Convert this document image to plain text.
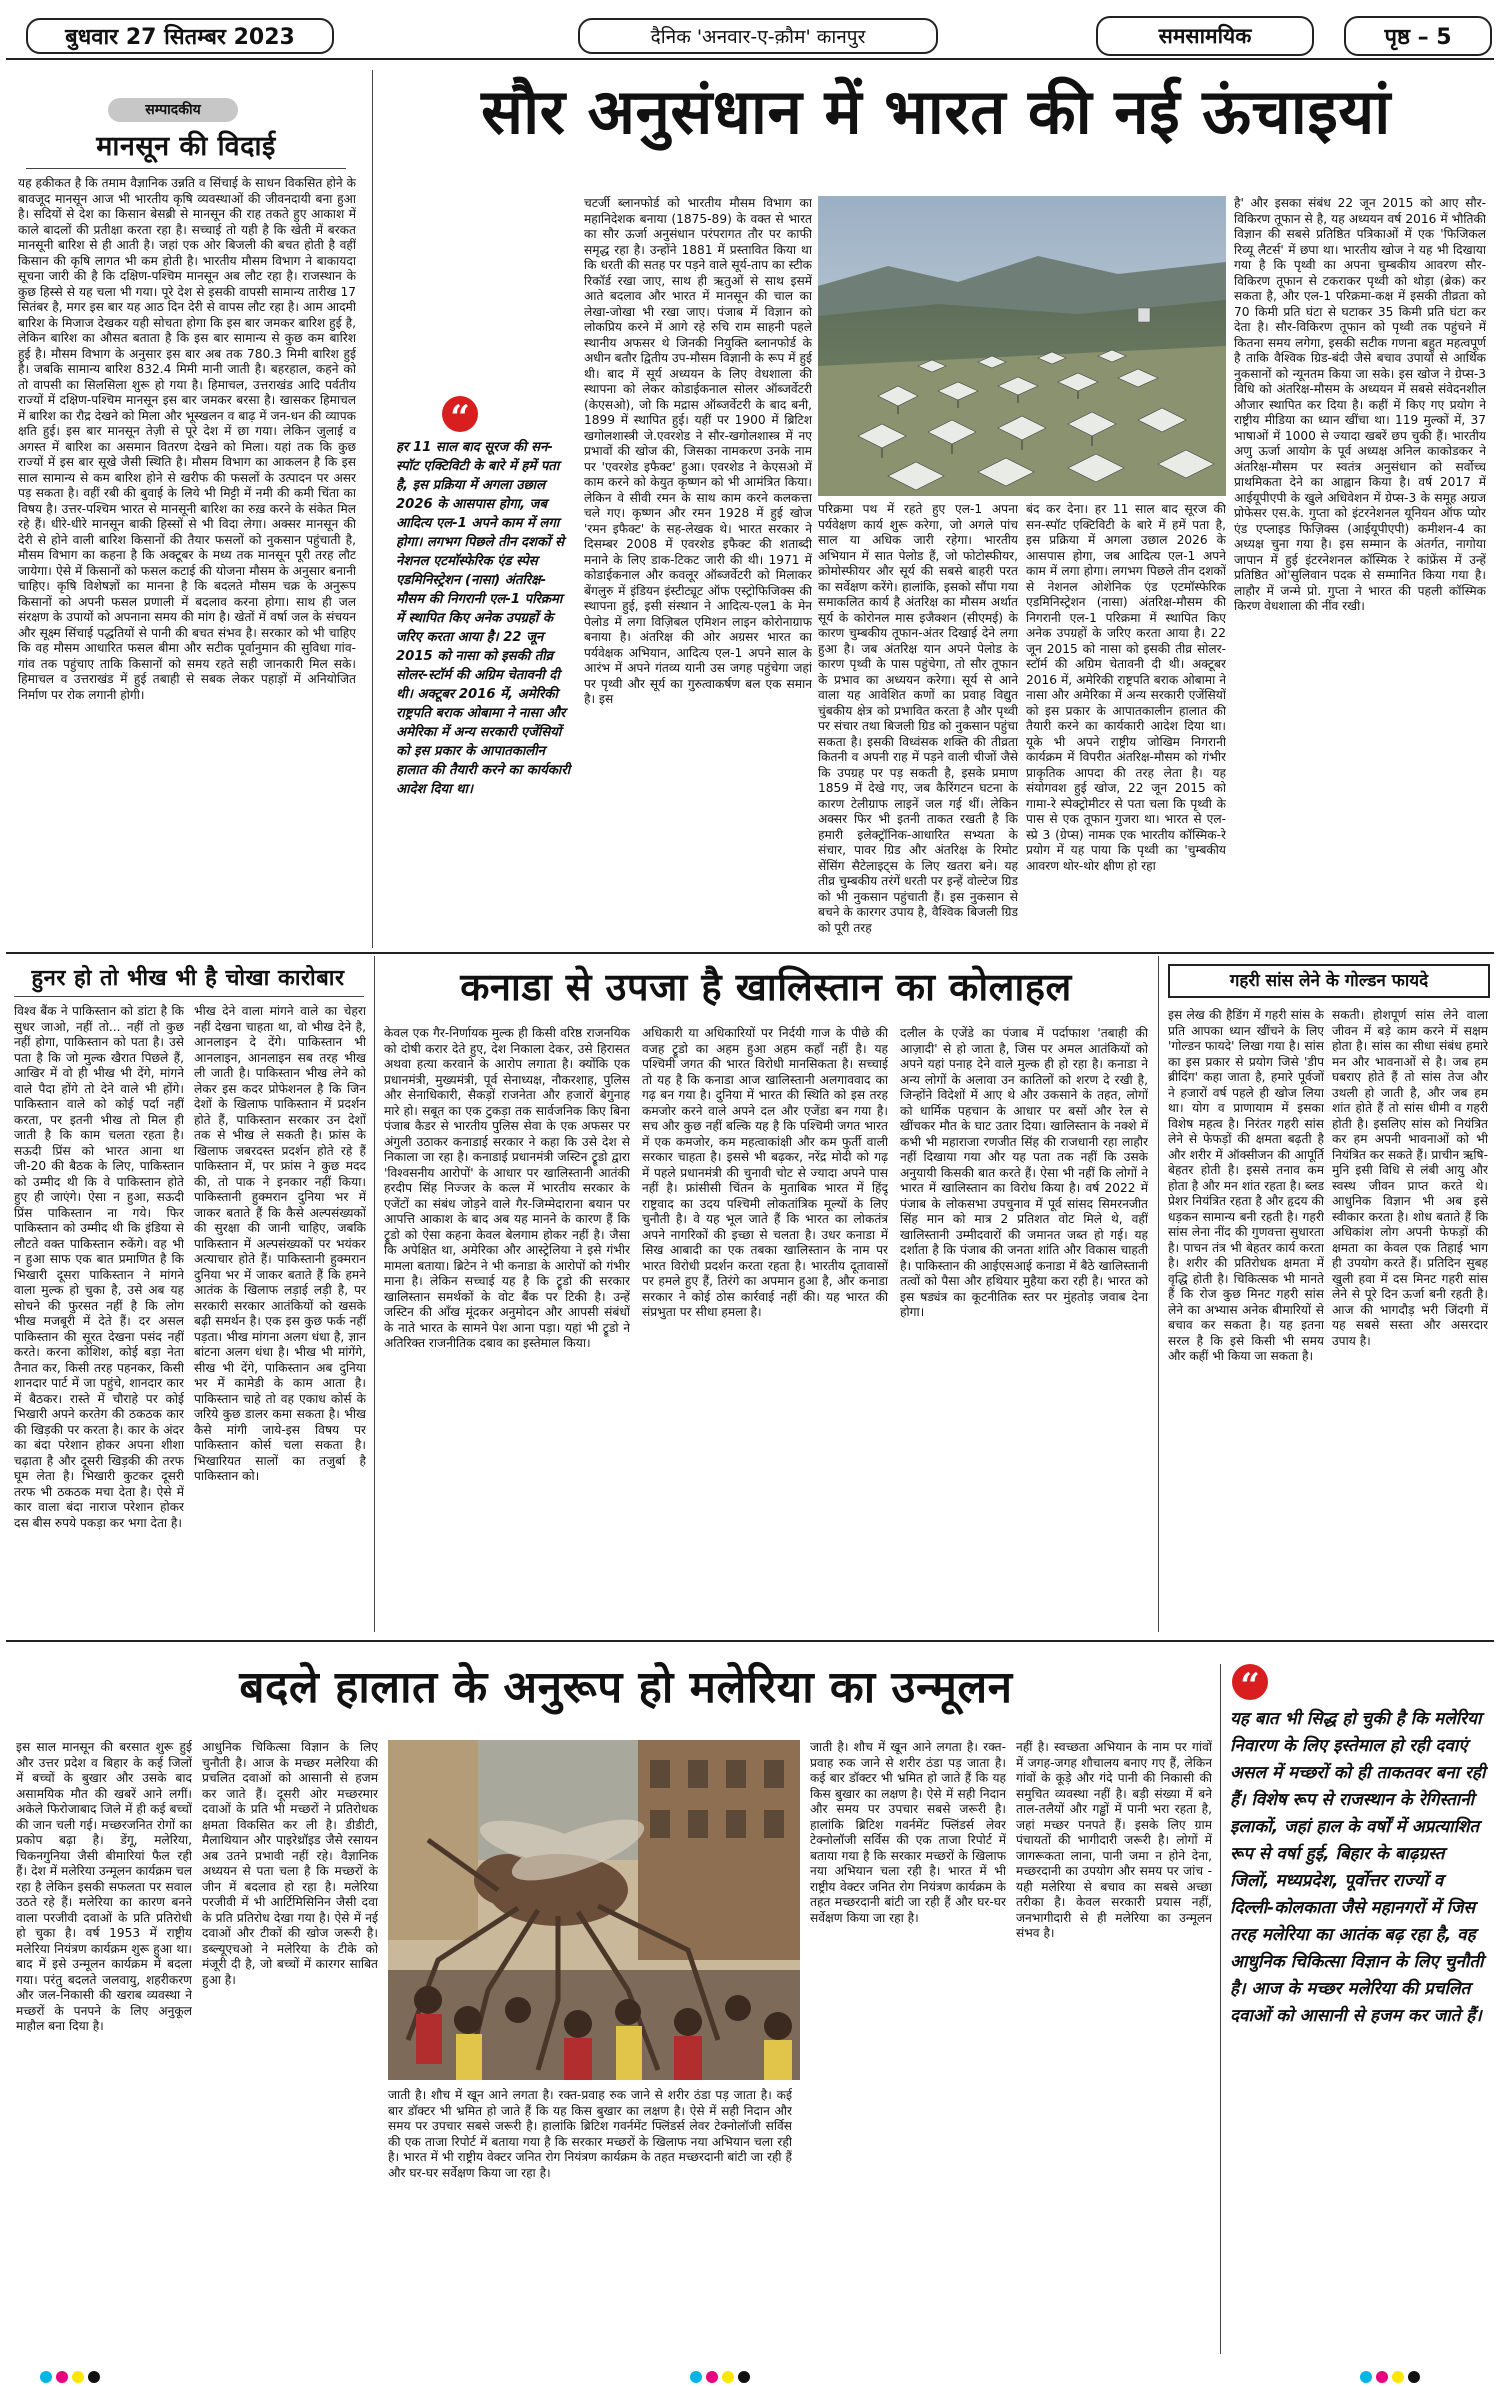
बुधवार 27 सितम्बर 2023	दैनिक 'अनवार-ए-क़ौम' कानपुर	समसामयिक	पृष्ठ – 5
सम्पादकीय
मानसून की विदाई
यह हकीकत है कि तमाम वैज्ञानिक उन्नति व सिंचाई के साधन विकसित होने के बावजूद मानसून आज भी भारतीय कृषि व्यवस्थाओं की जीवनदायी बना हुआ है। सदियों से देश का किसान बेसब्री से मानसून की राह तकते हुए आकाश में काले बादलों की प्रतीक्षा करता रहा है। सच्चाई तो यही है कि खेती में बरकत मानसूनी बारिश से ही आती है। जहां एक ओर बिजली की बचत होती है वहीं किसान की कृषि लागत भी कम होती है। भारतीय मौसम विभाग ने बाकायदा सूचना जारी की है कि दक्षिण-पश्चिम मानसून अब लौट रहा है। राजस्थान के कुछ हिस्से से यह चला भी गया। पूरे देश से इसकी वापसी सामान्य तारीख 17 सितंबर है, मगर इस बार यह आठ दिन देरी से वापस लौट रहा है। आम आदमी बारिश के मिजाज देखकर यही सोचता होगा कि इस बार जमकर बारिश हुई है, लेकिन बारिश का औसत बताता है कि इस बार सामान्य से कुछ कम बारिश हुई है। मौसम विभाग के अनुसार इस बार अब तक 780.3 मिमी बारिश हुई है। जबकि सामान्य बारिश 832.4 मिमी मानी जाती है। बहरहाल, कहने को तो वापसी का सिलसिला शुरू हो गया है। हिमाचल, उत्तराखंड आदि पर्वतीय राज्यों में दक्षिण-पश्चिम मानसून इस बार जमकर बरसा है। खासकर हिमाचल में बारिश का रौद्र देखने को मिला और भूस्खलन व बाढ़ में जन-धन की व्यापक क्षति हुई। इस बार मानसून तेज़ी से पूरे देश में छा गया। लेकिन जुलाई व अगस्त में बारिश का असमान वितरण देखने को मिला। यहां तक कि कुछ राज्यों में इस बार सूखे जैसी स्थिति है। मौसम विभाग का आकलन है कि इस साल सामान्य से कम बारिश होने से खरीफ की फसलों के उत्पादन पर असर पड़ सकता है। वहीं रबी की बुवाई के लिये भी मिट्टी में नमी की कमी चिंता का विषय है। उत्तर-पश्चिम भारत से मानसूनी बारिश का रुख़ करने के संकेत मिल रहे हैं। धीरे-धीरे मानसून बाकी हिस्सों से भी विदा लेगा। अक्सर मानसून की देरी से होने वाली बारिश किसानों की तैयार फसलों को नुकसान पहुंचाती है, मौसम विभाग का कहना है कि अक्टूबर के मध्य तक मानसून पूरी तरह लौट जायेगा। ऐसे में किसानों को फसल कटाई की योजना मौसम के अनुसार बनानी चाहिए। कृषि विशेषज्ञों का मानना है कि बदलते मौसम चक्र के अनुरूप किसानों को अपनी फसल प्रणाली में बदलाव करना होगा। साथ ही जल संरक्षण के उपायों को अपनाना समय की मांग है। खेतों में वर्षा जल के संचयन और सूक्ष्म सिंचाई पद्धतियों से पानी की बचत संभव है। सरकार को भी चाहिए कि वह मौसम आधारित फसल बीमा और सटीक पूर्वानुमान की सुविधा गांव-गांव तक पहुंचाए ताकि किसानों को समय रहते सही जानकारी मिल सके। हिमाचल व उत्तराखंड में हुई तबाही से सबक लेकर पहाड़ों में अनियोजित निर्माण पर रोक लगानी होगी।
सौर अनुसंधान में भारत की नई ऊंचाइयां
“
हर 11 साल बाद सूरज की सन-स्पॉट एक्टिविटी के बारे में हमें पता है, इस प्रक्रिया में अगला उछाल 2026 के आसपास होगा, जब आदित्य एल-1 अपने काम में लगा होगा। लगभग पिछले तीन दशकों से नेशनल एटमॉस्फेरिक एंड स्पेस एडमिनिस्ट्रेशन (नासा) अंतरिक्ष-मौसम की निगरानी एल-1 परिक्रमा में स्थापित किए अनेक उपग्रहों के जरिए करता आया है। 22 जून 2015 को नासा को इसकी तीव्र सोलर-स्टॉर्म की अग्रिम चेतावनी दी थी। अक्टूबर 2016 में, अमेरिकी राष्ट्रपति बराक ओबामा ने नासा और अमेरिका में अन्य सरकारी एजेंसियों को इस प्रकार के आपातकालीन हालात की तैयारी करने का कार्यकारी आदेश दिया था।
चटर्जी ब्लानफोर्ड को भारतीय मौसम विभाग का महानिदेशक बनाया (1875-89) के वक्त से भारत का सौर ऊर्जा अनुसंधान परंपरागत तौर पर काफी समृद्ध रहा है। उन्होंने 1881 में प्रस्तावित किया था कि धरती की सतह पर पड़ने वाले सूर्य-ताप का स्टीक रिकॉर्ड रखा जाए, साथ ही ऋतुओं से साथ इसमें आते बदलाव और भारत में मानसून की चाल का लेखा-जोखा भी रखा जाए। पंजाब में विज्ञान को लोकप्रिय करने में आगे रहे रुचि राम साहनी पहले स्थानीय अफसर थे जिनकी नियुक्ति ब्लानफोर्ड के अधीन बतौर द्वितीय उप-मौसम विज्ञानी के रूप में हुई थी। बाद में सूर्य अध्ययन के लिए वेधशाला की स्थापना को लेकर कोडाईकनाल सोलर ऑब्जर्वेटरी (केएसओ), जो कि मद्रास ऑब्जर्वेटरी के बाद बनी, 1899 में स्थापित हुई। यहीं पर 1900 में ब्रिटिश खगोलशास्त्री जे.एवरशेड ने सौर-खगोलशास्त्र में नए प्रभावों की खोज की, जिसका नामकरण उनके नाम पर 'एवरशेड इफैक्ट' हुआ। एवरशेड ने केएसओ में काम करने को केयुत कृष्णन को भी आमंत्रित किया। लेकिन वे सीवी रमन के साथ काम करने कलकत्ता चले गए। कृष्णन और रमन 1928 में हुई खोज 'रमन इफैक्ट' के सह-लेखक थे। भारत सरकार ने दिसम्बर 2008 में एवरशेड इफैक्ट की शताब्दी मनाने के लिए डाक-टिकट जारी की थी। 1971 में कोडाईकनाल और कवलूर ऑब्जर्वेटरी को मिलाकर बेंगलुरु में इंडियन इंस्टीट्यूट ऑफ एस्ट्रोफिजिक्स की स्थापना हुई, इसी संस्थान ने आदित्य-एल1 के मेन पेलोड में लगा विज़िबल एमिशन लाइन कोरोनाग्राफ बनाया है। अंतरिक्ष की ओर अग्रसर भारत का पर्यवेक्षक अभियान, आदित्य एल-1 अपने साल के आरंभ में अपने गंतव्य यानी उस जगह पहुंचेगा जहां पर पृथ्वी और सूर्य का गुरुत्वाकर्षण बल एक समान है। इस
परिक्रमा पथ में रहते हुए एल-1 अपना पर्यवेक्षण कार्य शुरू करेगा, जो अगले पांच साल या अधिक जारी रहेगा। भारतीय अभियान में सात पेलोड हैं, जो फोटोस्फीयर, क्रोमोस्फीयर और सूर्य की सबसे बाहरी परत का सर्वेक्षण करेंगे। हालांकि, इसको सौंपा गया समाकलित कार्य है अंतरिक्ष का मौसम अर्थात सूर्य के कोरोनल मास इजैक्शन (सीएमई) के कारण चुम्बकीय तूफान-अंतर दिखाई देने लगा हुआ है। जब अंतरिक्ष यान अपने पेलोड के कारण पृथ्वी के पास पहुंचेगा, तो सौर तूफान के प्रभाव का अध्ययन करेगा। सूर्य से आने वाला यह आवेशित कणों का प्रवाह विद्युत चुंबकीय क्षेत्र को प्रभावित करता है और पृथ्वी पर संचार तथा बिजली ग्रिड को नुकसान पहुंचा सकता है। इसकी विध्वंसक शक्ति की तीव्रता कितनी व अपनी राह में पड़ने वाली चीजों जैसे कि उपग्रह पर पड़ सकती है, इसके प्रमाण 1859 में देखे गए, जब कैरिंगटन घटना के कारण टेलीग्राफ लाइनें जल गई थीं। लेकिन अक्सर फिर भी इतनी ताकत रखती है कि हमारी इलेक्ट्रॉनिक-आधारित सभ्यता के संचार, पावर ग्रिड और अंतरिक्ष के रिमोट सेंसिंग सैटेलाइट्स के लिए खतरा बने। यह तीव्र चुम्बकीय तरंगें धरती पर इन्हें वोल्टेज ग्रिड को भी नुकसान पहुंचाती हैं। इस नुकसान से बचने के कारगर उपाय है, वैश्विक बिजली ग्रिड को पूरी तरह
बंद कर देना। हर 11 साल बाद सूरज की सन-स्पॉट एक्टिविटी के बारे में हमें पता है, इस प्रक्रिया में अगला उछाल 2026 के आसपास होगा, जब आदित्य एल-1 अपने काम में लगा होगा। लगभग पिछले तीन दशकों से नेशनल ओशेनिक एंड एटमॉस्फेरिक एडमिनिस्ट्रेशन (नासा) अंतरिक्ष-मौसम की निगरानी एल-1 परिक्रमा में स्थापित किए अनेक उपग्रहों के जरिए करता आया है। 22 जून 2015 को नासा को इसकी तीव्र सोलर-स्टॉर्म की अग्रिम चेतावनी दी थी। अक्टूबर 2016 में, अमेरिकी राष्ट्रपति बराक ओबामा ने नासा और अमेरिका में अन्य सरकारी एजेंसियों को इस प्रकार के आपातकालीन हालात की तैयारी करने का कार्यकारी आदेश दिया था। यूके भी अपने राष्ट्रीय जोखिम निगरानी कार्यक्रम में विपरीत अंतरिक्ष-मौसम को गंभीर प्राकृतिक आपदा की तरह लेता है। यह संयोगवश हुई खोज, 22 जून 2015 को गामा-रे स्पेक्ट्रोमीटर से पता चला कि पृथ्वी के पास से एक तूफान गुजरा था। भारत से एल-स्प्रे 3 (ग्रेप्स) नामक एक भारतीय कॉस्मिक-रे प्रयोग में यह पाया कि पृथ्वी का 'चुम्बकीय आवरण थोर-थोर क्षीण हो रहा
है' और इसका संबंध 22 जून 2015 को आए सौर-विकिरण तूफान से है, यह अध्ययन वर्ष 2016 में भौतिकी विज्ञान की सबसे प्रतिष्ठित पत्रिकाओं में एक 'फिजिकल रिव्यू लैटर्स' में छपा था। भारतीय खोज ने यह भी दिखाया गया है कि पृथ्वी का अपना चुम्बकीय आवरण सौर-विकिरण तूफान से टकराकर पृथ्वी को थोड़ा (ब्रेक) कर सकता है, और एल-1 परिक्रमा-कक्ष में इसकी तीव्रता को 70 किमी प्रति घंटा से घटाकर 35 किमी प्रति घंटा कर देता है। सौर-विकिरण तूफान को पृथ्वी तक पहुंचने में कितना समय लगेगा, इसकी सटीक गणना बहुत महत्वपूर्ण है ताकि वैश्विक ग्रिड-बंदी जैसे बचाव उपायों से आर्थिक नुकसानों को न्यूनतम किया जा सके। इस खोज ने ग्रेप्स-3 विधि को अंतरिक्ष-मौसम के अध्ययन में सबसे संवेदनशील औजार स्थापित कर दिया है। कहीं में किए गए प्रयोग ने राष्ट्रीय मीडिया का ध्यान खींचा था। 119 मुल्कों में, 37 भाषाओं में 1000 से ज्यादा खबरें छप चुकी हैं। भारतीय अणु ऊर्जा आयोग के पूर्व अध्यक्ष अनिल काकोडकर ने अंतरिक्ष-मौसम पर स्वतंत्र अनुसंधान को सर्वोच्च प्राथमिकता देने का आह्वान किया है। वर्ष 2017 में आईयूपीएपी के खुले अधिवेशन में ग्रेप्स-3 के समूह अग्रज प्रोफेसर एस.के. गुप्ता को इंटरनेशनल यूनियन ऑफ प्योर एंड एप्लाइड फिज़िक्स (आईयूपीएपी) कमीशन-4 का अध्यक्ष चुना गया है। इस सम्मान के अंतर्गत, नागोया जापान में हुई इंटरनेशनल कॉस्मिक रे कांफ्रेंस में उन्हें प्रतिष्ठित ओ'सुलिवान पदक से सम्मानित किया गया है। लाहौर में जन्मे प्रो. गुप्ता ने भारत की पहली कॉस्मिक किरण वेधशाला की नींव रखी।
हुनर हो तो भीख भी है चोखा कारोबार
विश्व बैंक ने पाकिस्तान को डांटा है कि सुधर जाओ, नहीं तो... नहीं तो कुछ नहीं होगा, पाकिस्तान को पता है। उसे पता है कि जो मुल्क खैरात पिछले हैं, आखिर में वो ही भीख भी देंगे, मांगने वाले पैदा होंगे तो देने वाले भी होंगे। पाकिस्तान वाले को कोई पर्दा नहीं करता, पर इतनी भीख तो मिल ही जाती है कि काम चलता रहता है। सऊदी प्रिंस को भारत आना था जी-20 की बैठक के लिए, पाकिस्तान को उम्मीद थी कि वे पाकिस्तान होते हुए ही जाएंगे। ऐसा न हुआ, सऊदी प्रिंस पाकिस्तान ना गये। फिर पाकिस्तान को उम्मीद थी कि इंडिया से लौटते वक्त पाकिस्तान रुकेंगे। वह भी न हुआ साफ एक बात प्रमाणित है कि भिखारी दूसरा पाकिस्तान ने मांगने वाला मुल्क हो चुका है, उसे अब यह सोचने की फुरसत नहीं है कि लोग भीख मजबूरी में देते हैं। दर असल पाकिस्तान की सूरत देखना पसंद नहीं करते। करना कोशिश, कोई बड़ा नेता तैनात कर, किसी तरह पहनकर, किसी शानदार पार्ट में जा पहुंचे, शानदार कार में बैठकर। रास्ते में चौराहे पर कोई भिखारी अपने करतेग की ठकठक कार की खिड़की पर करता है। कार के अंदर का बंदा परेशान होकर अपना शीशा चढ़ाता है और दूसरी खिड़की की तरफ घूम लेता है। भिखारी कुटकर दूसरी तरफ भी ठकठक मचा देता है। ऐसे में कार वाला बंदा नाराज परेशान होकर दस बीस रुपये पकड़ा कर भगा देता है।
भीख देने वाला मांगने वाले का चेहरा नहीं देखना चाहता था, वो भीख देने है, आनलाइन दे देंगे। पाकिस्तान भी आनलाइन, आनलाइन सब तरह भीख ली जाती है। पाकिस्तान भीख लेने को लेकर इस कदर प्रोफेशनल है कि जिन देशों के खिलाफ पाकिस्तान में प्रदर्शन होते हैं, पाकिस्तान सरकार उन देशों तक से भीख ले सकती है। फ्रांस के खिलाफ जबरदस्त प्रदर्शन होते रहे हैं पाकिस्तान में, पर फ्रांस ने कुछ मदद की, तो पाक ने इनकार नहीं किया। पाकिस्तानी हुक्मरान दुनिया भर में जाकर बताते हैं कि कैसे अल्पसंख्यकों की सुरक्षा की जानी चाहिए, जबकि पाकिस्तान में अल्पसंख्यकों पर भयंकर अत्याचार होते हैं। पाकिस्तानी हुक्मरान दुनिया भर में जाकर बताते हैं कि हमने आतंक के खिलाफ लड़ाई लड़ी है, पर सरकारी सरकार आतंकियों को खसके बढ़ी समर्थन है। एक इस कुछ फर्क नहीं पड़ता। भीख मांगना अलग धंधा है, ज्ञान बांटना अलग धंधा है। भीख भी मांगेंगे, सीख भी देंगे, पाकिस्तान अब दुनिया भर में कामेडी के काम आता है। पाकिस्तान चाहे तो वह एकाध कोर्स के जरिये कुछ डालर कमा सकता है। भीख कैसे मांगी जाये-इस विषय पर पाकिस्तान कोर्स चला सकता है। भिखारियत सालों का तजुर्बा है पाकिस्तान को।
कनाडा से उपजा है खालिस्तान का कोलाहल
केवल एक गैर-निर्णायक मुल्क ही किसी वरिष्ठ राजनयिक को दोषी करार देते हुए, देश निकाला देकर, उसे हिरासत अथवा हत्या करवाने के आरोप लगाता है। क्योंकि एक प्रधानमंत्री, मुख्यमंत्री, पूर्व सेनाध्यक्ष, नौकरशाह, पुलिस और सेनाधिकारी, सैकड़ों राजनेता और हजारों बेगुनाह मारे हो। सबूत का एक टुकड़ा तक सार्वजनिक किए बिना पंजाब कैडर से भारतीय पुलिस सेवा के एक अफसर पर अंगुली उठाकर कनाडाई सरकार ने कहा कि उसे देश से निकाला जा रहा है। कनाडाई प्रधानमंत्री जस्टिन ट्रूडो द्वारा 'विश्वसनीय आरोपों' के आधार पर खालिस्तानी आतंकी हरदीप सिंह निज्जर के कत्ल में भारतीय सरकार के एजेंटों का संबंध जोड़ने वाले गैर-जिम्मेदाराना बयान पर आपत्ति आकाश के बाद अब यह मानने के कारण हैं कि ट्रूडो को ऐसा कहना केवल बेलगाम होकर नहीं है। जैसा कि अपेक्षित था, अमेरिका और आस्ट्रेलिया ने इसे गंभीर मामला बताया। ब्रिटेन ने भी कनाडा के आरोपों को गंभीर माना है। लेकिन सच्चाई यह है कि ट्रूडो की सरकार खालिस्तान समर्थकों के वोट बैंक पर टिकी है। उन्हें जस्टिन की आँख मूंदकर अनुमोदन और आपसी संबंधों के नाते भारत के सामने पेश आना पड़ा। यहां भी ट्रूडो ने अतिरिक्त राजनीतिक दबाव का इस्तेमाल किया।
अधिकारी या अधिकारियों पर निर्दयी गाज के पीछे की वजह ट्रूडो का अहम हुआ अहम कहाँ नहीं है। यह पश्चिमी जगत की भारत विरोधी मानसिकता है। सच्चाई तो यह है कि कनाडा आज खालिस्तानी अलगाववाद का गढ़ बन गया है। दुनिया में भारत की स्थिति को इस तरह कमजोर करने वाले अपने दल और एजेंडा बन गया है। सच और कुछ नहीं बल्कि यह है कि पश्चिमी जगत भारत में एक कमजोर, कम महत्वाकांक्षी और कम फुर्ती वाली सरकार चाहता है। इससे भी बढ़कर, नरेंद्र मोदी को गढ़ में पहले प्रधानमंत्री की चुनावी चोट से ज्यादा अपने पास नहीं है। फ्रांसीसी चिंतन के मुताबिक भारत में हिंदू राष्ट्रवाद का उदय पश्चिमी लोकतांत्रिक मूल्यों के लिए चुनौती है। वे यह भूल जाते हैं कि भारत का लोकतंत्र अपने नागरिकों की इच्छा से चलता है। उधर कनाडा में सिख आबादी का एक तबका खालिस्तान के नाम पर भारत विरोधी प्रदर्शन करता रहता है। भारतीय दूतावासों पर हमले हुए हैं, तिरंगे का अपमान हुआ है, और कनाडा सरकार ने कोई ठोस कार्रवाई नहीं की। यह भारत की संप्रभुता पर सीधा हमला है।
दलील के एजेंडे का पंजाब में पर्दाफाश 'तबाही की आज़ादी' से हो जाता है, जिस पर अमल आतंकियों को अपने यहां पनाह देने वाले मुल्क ही हो रहा है। कनाडा ने अन्य लोगों के अलावा उन कातिलों को शरण दे रखी है, जिन्होंने विदेशों में आए थे और उकसाने के तहत, लोगों को धार्मिक पहचान के आधार पर बसों और रेल से खींचकर मौत के घाट उतार दिया। खालिस्तान के नक्शे में कभी भी महाराजा रणजीत सिंह की राजधानी रहा लाहौर नहीं दिखाया गया और यह पता तक नहीं कि उसके अनुयायी किसकी बात करते हैं। ऐसा भी नहीं कि लोगों ने भारत में खालिस्तान का विरोध किया है। वर्ष 2022 में पंजाब के लोकसभा उपचुनाव में पूर्व सांसद सिमरनजीत सिंह मान को मात्र 2 प्रतिशत वोट मिले थे, वहीं खालिस्तानी उम्मीदवारों की जमानत जब्त हो गई। यह दर्शाता है कि पंजाब की जनता शांति और विकास चाहती है। पाकिस्तान की आईएसआई कनाडा में बैठे खालिस्तानी तत्वों को पैसा और हथियार मुहैया करा रही है। भारत को इस षड्यंत्र का कूटनीतिक स्तर पर मुंहतोड़ जवाब देना होगा।
गहरी सांस लेने के गोल्डन फायदे
इस लेख की हैडिंग में गहरी सांस के प्रति आपका ध्यान खींचने के लिए 'गोल्डन फायदे' लिखा गया है। सांस का इस प्रकार से प्रयोग जिसे 'डीप ब्रीदिंग' कहा जाता है, हमारे पूर्वजों ने हजारों वर्ष पहले ही खोज लिया था। योग व प्राणायाम में इसका विशेष महत्व है। निरंतर गहरी सांस लेने से फेफड़ों की क्षमता बढ़ती है और शरीर में ऑक्सीजन की आपूर्ति बेहतर होती है। इससे तनाव कम होता है और मन शांत रहता है। ब्लड प्रेशर नियंत्रित रहता है और हृदय की धड़कन सामान्य बनी रहती है। गहरी सांस लेना नींद की गुणवत्ता सुधारता है। पाचन तंत्र भी बेहतर कार्य करता है। शरीर की प्रतिरोधक क्षमता में वृद्धि होती है। चिकित्सक भी मानते हैं कि रोज कुछ मिनट गहरी सांस लेने का अभ्यास अनेक बीमारियों से बचाव कर सकता है। यह इतना सरल है कि इसे किसी भी समय और कहीं भी किया जा सकता है।
सकती। होशपूर्ण सांस लेने वाला जीवन में बड़े काम करने में सक्षम होता है। सांस का सीधा संबंध हमारे मन और भावनाओं से है। जब हम घबराए होते हैं तो सांस तेज और उथली हो जाती है, और जब हम शांत होते हैं तो सांस धीमी व गहरी होती है। इसलिए सांस को नियंत्रित कर हम अपनी भावनाओं को भी नियंत्रित कर सकते हैं। प्राचीन ऋषि-मुनि इसी विधि से लंबी आयु और स्वस्थ जीवन प्राप्त करते थे। आधुनिक विज्ञान भी अब इसे स्वीकार करता है। शोध बताते हैं कि अधिकांश लोग अपनी फेफड़ों की क्षमता का केवल एक तिहाई भाग ही उपयोग करते हैं। प्रतिदिन सुबह खुली हवा में दस मिनट गहरी सांस लेने से पूरे दिन ऊर्जा बनी रहती है। आज की भागदौड़ भरी जिंदगी में यह सबसे सस्ता और असरदार उपाय है।
बदले हालात के अनुरूप हो मलेरिया का उन्मूलन
इस साल मानसून की बरसात शुरू हुई और उत्तर प्रदेश व बिहार के कई जिलों में बच्चों के बुखार और उसके बाद असामयिक मौत की खबरें आने लगीं। अकेले फिरोजाबाद जिले में ही कई बच्चों की जान चली गई। मच्छरजनित रोगों का प्रकोप बढ़ा है। डेंगू, मलेरिया, चिकनगुनिया जैसी बीमारियां फैल रही हैं। देश में मलेरिया उन्मूलन कार्यक्रम चल रहा है लेकिन इसकी सफलता पर सवाल उठते रहे हैं। मलेरिया का कारण बनने वाला परजीवी दवाओं के प्रति प्रतिरोधी हो चुका है। वर्ष 1953 में राष्ट्रीय मलेरिया नियंत्रण कार्यक्रम शुरू हुआ था। बाद में इसे उन्मूलन कार्यक्रम में बदला गया। परंतु बदलते जलवायु, शहरीकरण और जल-निकासी की खराब व्यवस्था ने मच्छरों के पनपने के लिए अनुकूल माहौल बना दिया है।
आधुनिक चिकित्सा विज्ञान के लिए चुनौती है। आज के मच्छर मलेरिया की प्रचलित दवाओं को आसानी से हजम कर जाते हैं। दूसरी ओर मच्छरमार दवाओं के प्रति भी मच्छरों ने प्रतिरोधक क्षमता विकसित कर ली है। डीडीटी, मैलाथियान और पाइरेथ्रॉइड जैसे रसायन अब उतने प्रभावी नहीं रहे। वैज्ञानिक अध्ययन से पता चला है कि मच्छरों के जीन में बदलाव हो रहा है। मलेरिया परजीवी में भी आर्टिमिसिनिन जैसी दवा के प्रति प्रतिरोध देखा गया है। ऐसे में नई दवाओं और टीकों की खोज जरूरी है। डब्ल्यूएचओ ने मलेरिया के टीके को मंजूरी दी है, जो बच्चों में कारगर साबित हुआ है।
जाती है। शौच में खून आने लगता है। रक्त-प्रवाह रुक जाने से शरीर ठंडा पड़ जाता है। कई बार डॉक्टर भी भ्रमित हो जाते हैं कि यह किस बुखार का लक्षण है। ऐसे में सही निदान और समय पर उपचार सबसे जरूरी है। हालांकि ब्रिटिश गवर्नमेंट फ्लिंडर्स लेवर टेक्नोलॉजी सर्विस की एक ताजा रिपोर्ट में बताया गया है कि सरकार मच्छरों के खिलाफ नया अभियान चला रही है। भारत में भी राष्ट्रीय वेक्टर जनित रोग नियंत्रण कार्यक्रम के तहत मच्छरदानी बांटी जा रही हैं और घर-घर सर्वेक्षण किया जा रहा है।
जाती है। शौच में खून आने लगता है। रक्त-प्रवाह रुक जाने से शरीर ठंडा पड़ जाता है। कई बार डॉक्टर भी भ्रमित हो जाते हैं कि यह किस बुखार का लक्षण है। ऐसे में सही निदान और समय पर उपचार सबसे जरूरी है। हालांकि ब्रिटिश गवर्नमेंट फ्लिंडर्स लेवर टेक्नोलॉजी सर्विस की एक ताजा रिपोर्ट में बताया गया है कि सरकार मच्छरों के खिलाफ नया अभियान चला रही है। भारत में भी राष्ट्रीय वेक्टर जनित रोग नियंत्रण कार्यक्रम के तहत मच्छरदानी बांटी जा रही हैं और घर-घर सर्वेक्षण किया जा रहा है।
नहीं है। स्वच्छता अभियान के नाम पर गांवों में जगह-जगह शौचालय बनाए गए हैं, लेकिन गांवों के कूड़े और गंदे पानी की निकासी की समुचित व्यवस्था नहीं है। बड़ी संख्या में बने ताल-तलैयों और गड्ढों में पानी भरा रहता है, जहां मच्छर पनपते हैं। इसके लिए ग्राम पंचायतों की भागीदारी जरूरी है। लोगों में जागरूकता लाना, पानी जमा न होने देना, मच्छरदानी का उपयोग और समय पर जांच - यही मलेरिया से बचाव का सबसे अच्छा तरीका है। केवल सरकारी प्रयास नहीं, जनभागीदारी से ही मलेरिया का उन्मूलन संभव है।
“
यह बात भी सिद्ध हो चुकी है कि मलेरिया निवारण के लिए इस्तेमाल हो रही दवाएं असल में मच्छरों को ही ताकतवर बना रही हैं। विशेष रूप से राजस्थान के रेगिस्तानी इलाकों, जहां हाल के वर्षों में अप्रत्याशित रूप से वर्षा हुई, बिहार के बाढ़ग्रस्त जिलों, मध्यप्रदेश, पूर्वोत्तर राज्यों व दिल्ली-कोलकाता जैसे महानगरों में जिस तरह मलेरिया का आतंक बढ़ रहा है, वह आधुनिक चिकित्सा विज्ञान के लिए चुनौती है। आज के मच्छर मलेरिया की प्रचलित दवाओं को आसानी से हजम कर जाते हैं।
